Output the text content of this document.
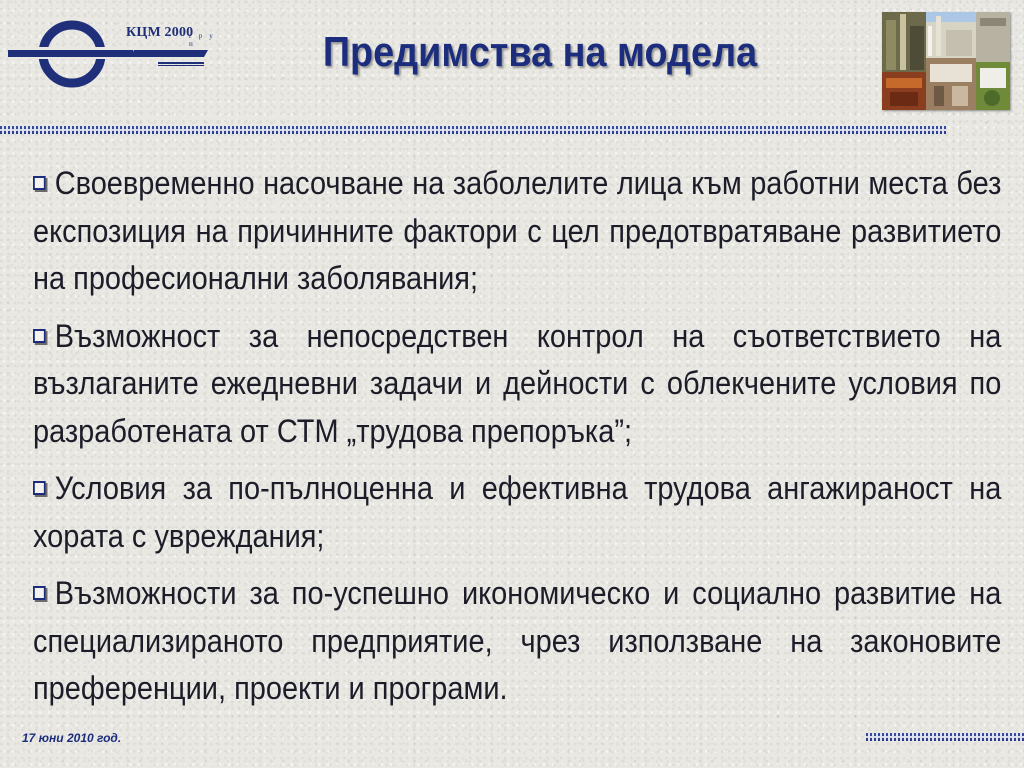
КЦМ 2000
г р у п	Предимства на модела

Своевременно насочване на заболелите лица към работни места без експозиция на причинните фактори с цел предотвратяване развитието на професионални заболявания;

Възможност за непосредствен контрол на съответствието на възлаганите ежедневни задачи и дейности с облекчените условия по разработената от СТМ „трудова препоръка”;

Условия за по-пълноценна и ефективна трудова ангажираност на хората с увреждания;

Възможности за по-успешно икономическо и социално развитие на специализираното предприятие, чрез използване на законовите преференции, проекти и програми.

17 юни 2010 год.
